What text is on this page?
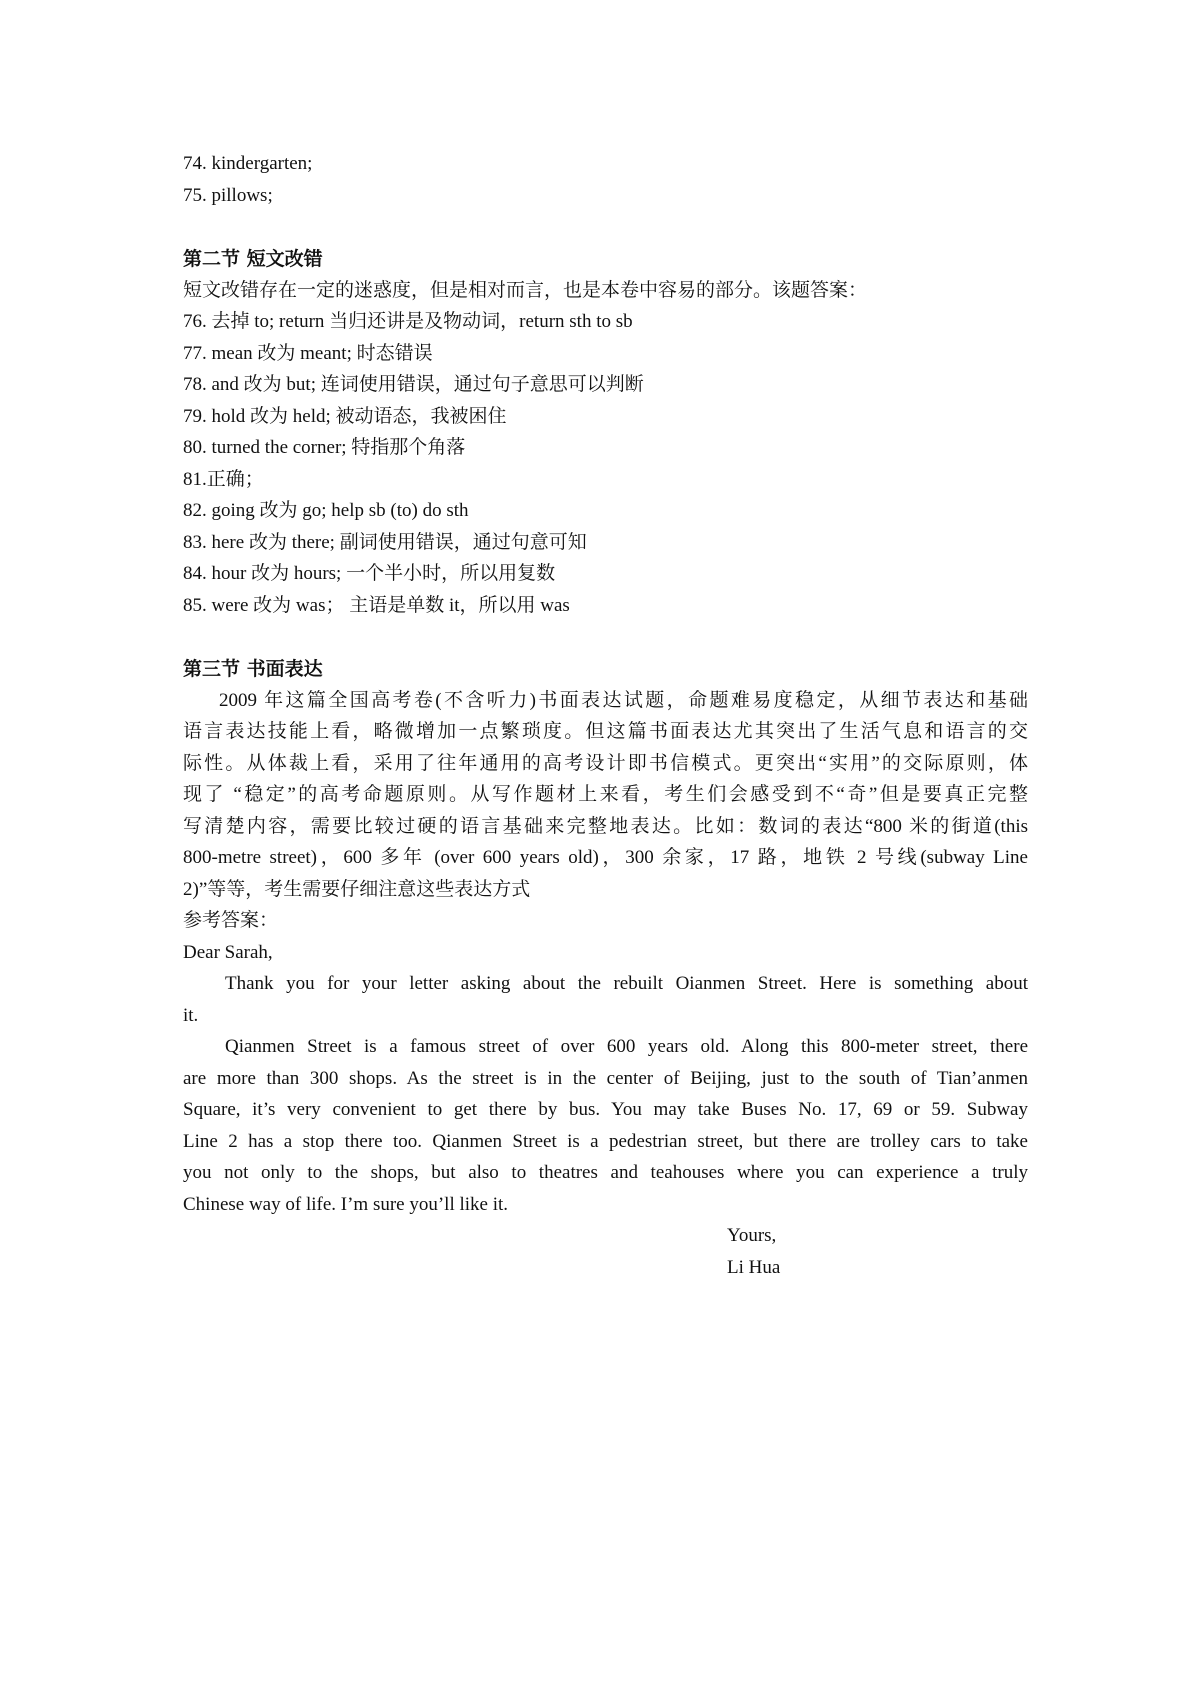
74. kindergarten;
75. pillows;
第二节 短文改错
短文改错存在一定的迷惑度，但是相对而言，也是本卷中容易的部分。该题答案：
76. 去掉 to; return 当归还讲是及物动词，return sth to sb
77. mean 改为 meant; 时态错误
78. and 改为 but; 连词使用错误，通过句子意思可以判断
79. hold 改为 held; 被动语态，我被困住
80. turned the corner; 特指那个角落
81.正确；
82. going 改为 go; help sb (to) do sth
83. here 改为 there; 副词使用错误，通过句意可知
84. hour 改为 hours; 一个半小时，所以用复数
85. were 改为 was； 主语是单数 it，所以用 was
第三节 书面表达
2009 年这篇全国高考卷(不含听力)书面表达试题，命题难易度稳定，从细节表达和基础
语言表达技能上看，略微增加一点繁琐度。但这篇书面表达尤其突出了生活气息和语言的交
际性。从体裁上看，采用了往年通用的高考设计即书信模式。更突出“实用”的交际原则，体
现了 “稳定”的高考命题原则。从写作题材上来看，考生们会感受到不“奇”但是要真正完整
写清楚内容，需要比较过硬的语言基础来完整地表达。比如：数词的表达“800 米的街道(this
800-metre street)，600 多年 (over 600 years old)，300 余家，17 路，地铁 2 号线(subway Line
2)”等等，考生需要仔细注意这些表达方式
参考答案：
Dear Sarah,
Thank you for your letter asking about the rebuilt Oianmen Street. Here is something about
it.
Qianmen Street is a famous street of over 600 years old. Along this 800-meter street, there
are more than 300 shops. As the street is in the center of Beijing, just to the south of Tian’anmen
Square, it’s very convenient to get there by bus. You may take Buses No. 17, 69 or 59. Subway
Line 2 has a stop there too. Qianmen Street is a pedestrian street, but there are trolley cars to take
you not only to the shops, but also to theatres and teahouses where you can experience a truly
Chinese way of life. I’m sure you’ll like it.
Yours,
Li Hua
